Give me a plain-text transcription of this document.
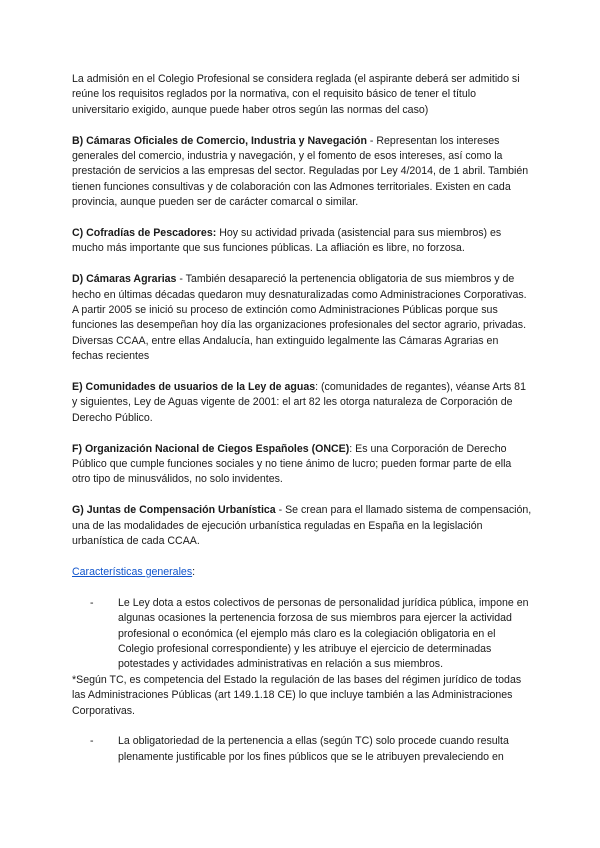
La admisión en el Colegio Profesional se considera reglada (el aspirante deberá ser admitido si reúne los requisitos reglados por la normativa, con el requisito básico de tener el título universitario exigido, aunque puede haber otros según las normas del caso)

B) Cámaras Oficiales de Comercio, Industria y Navegación - Representan los intereses generales del comercio, industria y navegación, y el fomento de esos intereses, así como la prestación de servicios a las empresas del sector. Reguladas por Ley 4/2014, de 1 abril. También tienen funciones consultivas y de colaboración con las Admones territoriales. Existen en cada provincia, aunque pueden ser de carácter comarcal o similar.

C) Cofradías de Pescadores: Hoy su actividad privada (asistencial para sus miembros) es mucho más importante que sus funciones públicas. La afliación es libre, no forzosa.

D) Cámaras Agrarias - También desapareció la pertenencia obligatoria de sus miembros y de hecho en últimas décadas quedaron muy desnaturalizadas como Administraciones Corporativas. A partir 2005 se inició su proceso de extinción como Administraciones Públicas porque sus funciones las desempeñan hoy día las organizaciones profesionales del sector agrario, privadas. Diversas CCAA, entre ellas Andalucía, han extinguido legalmente las Cámaras Agrarias en fechas recientes

E) Comunidades de usuarios de la Ley de aguas: (comunidades de regantes), véanse Arts 81 y siguientes, Ley de Aguas vigente de 2001: el art 82 les otorga naturaleza de Corporación de Derecho Público.

F) Organización Nacional de Ciegos Españoles (ONCE): Es una Corporación de Derecho Público que cumple funciones sociales y no tiene ánimo de lucro; pueden formar parte de ella otro tipo de minusválidos, no solo invidentes.

G) Juntas de Compensación Urbanística - Se crean para el llamado sistema de compensación, una de las modalidades de ejecución urbanística reguladas en España en la legislación urbanística de cada CCAA.

Características generales:

-	Le Ley dota a estos colectivos de personas de personalidad jurídica pública, impone en algunas ocasiones la pertenencia forzosa de sus miembros para ejercer la actividad profesional o económica (el ejemplo más claro es la colegiación obligatoria en el Colegio profesional correspondiente) y les atribuye el ejercicio de determinadas potestades y actividades administrativas en relación a sus miembros.

*Según TC, es competencia del Estado la regulación de las bases del régimen jurídico de todas las Administraciones Públicas (art 149.1.18 CE) lo que incluye también a las Administraciones Corporativas.

-	La obligatoriedad de la pertenencia a ellas (según TC) solo procede cuando resulta plenamente justificable por los fines públicos que se le atribuyen prevaleciendo en
